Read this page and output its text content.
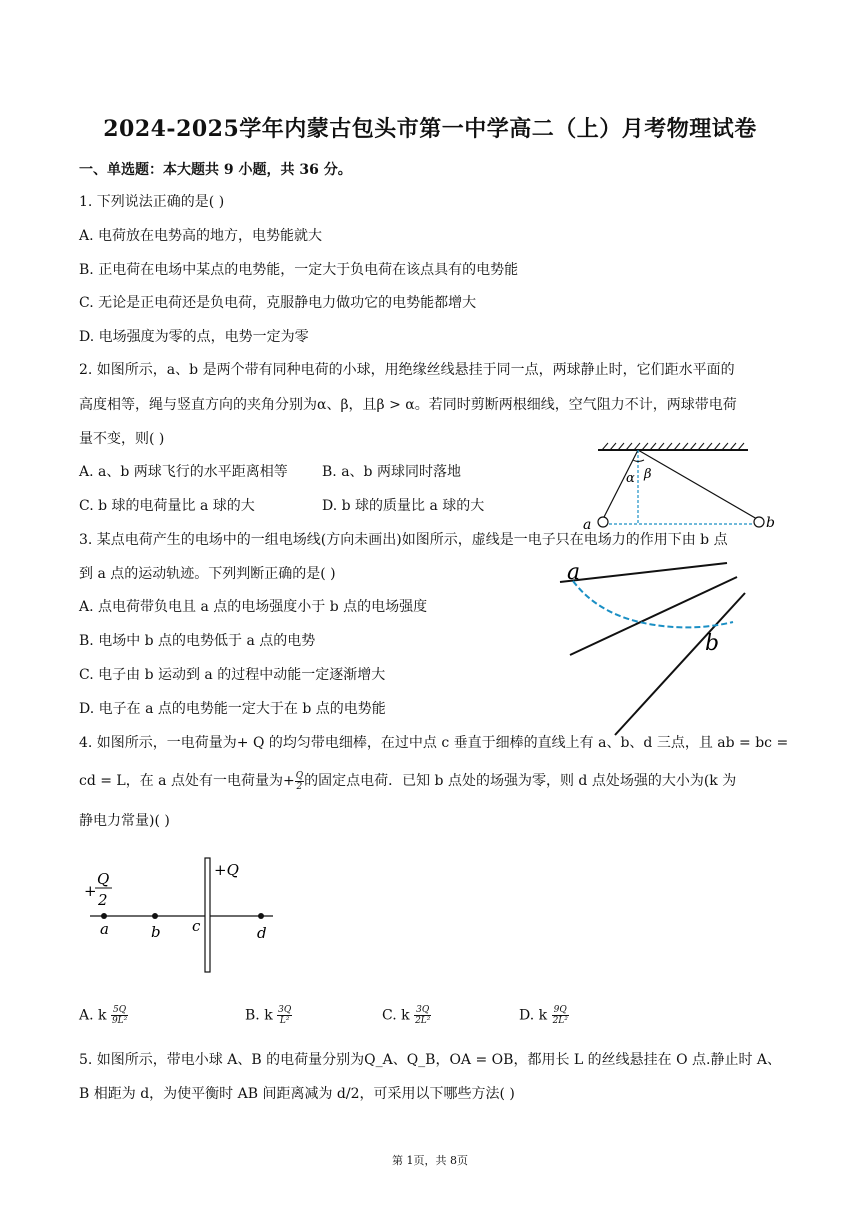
2024-2025学年内蒙古包头市第一中学高二（上）月考物理试卷
一、单选题：本大题共 9 小题，共 36 分。
1. 下列说法正确的是( )
A. 电荷放在电势高的地方，电势能就大
B. 正电荷在电场中某点的电势能，一定大于负电荷在该点具有的电势能
C. 无论是正电荷还是负电荷，克服静电力做功它的电势能都增大
D. 电场强度为零的点，电势一定为零
2. 如图所示，a、b 是两个带有同种电荷的小球，用绝缘丝线悬挂于同一点，两球静止时，它们距水平面的
高度相等，绳与竖直方向的夹角分别为α、β，且β > α。若同时剪断两根细线，空气阻力不计，两球带电荷
量不变，则( )
A. a、b 两球飞行的水平距离相等 B. a、b 两球同时落地
C. b 球的电荷量比 a 球的大	D. b 球的质量比 a 球的大
α β
a	b
3. 某点电荷产生的电场中的一组电场线(方向未画出)如图所示，虚线是一电子只在电场力的作用下由 b 点
到 a 点的运动轨迹。下列判断正确的是( )
A. 点电荷带负电且 a 点的电场强度小于 b 点的电场强度
B. 电场中 b 点的电势低于 a 点的电势
C. 电子由 b 运动到 a 的过程中动能一定逐渐增大
D. 电子在 a 点的电势能一定大于在 b 点的电势能
a
b
4. 如图所示，一电荷量为+ Q 的均匀带电细棒，在过中点 c 垂直于细棒的直线上有 a、b、d 三点，且 ab = bc =
cd = L，在 a 点处有一电荷量为+ $\frac{Q}{2}$ 的固定点电荷．已知 b 点处的场强为零，则 d 点处场强的大小为(k 为
静电力常量)( )
+Q
+
Q
2
a	b c	d
A. k $\frac{5Q}{\text{9L²}}$	B. k $\frac{3Q}{\text{L²}}$	C. k $\frac{3Q}{\text{2L²}}$	D. k $\frac{9Q}{\text{2L²}}$
5. 如图所示，带电小球 A、B 的电荷量分别为Q_A、Q_B，OA = OB，都用长 L 的丝线悬挂在 O 点.静止时 A、
B 相距为 d，为使平衡时 AB 间距离减为 d/2，可采用以下哪些方法( )
第 1页，共 8页
